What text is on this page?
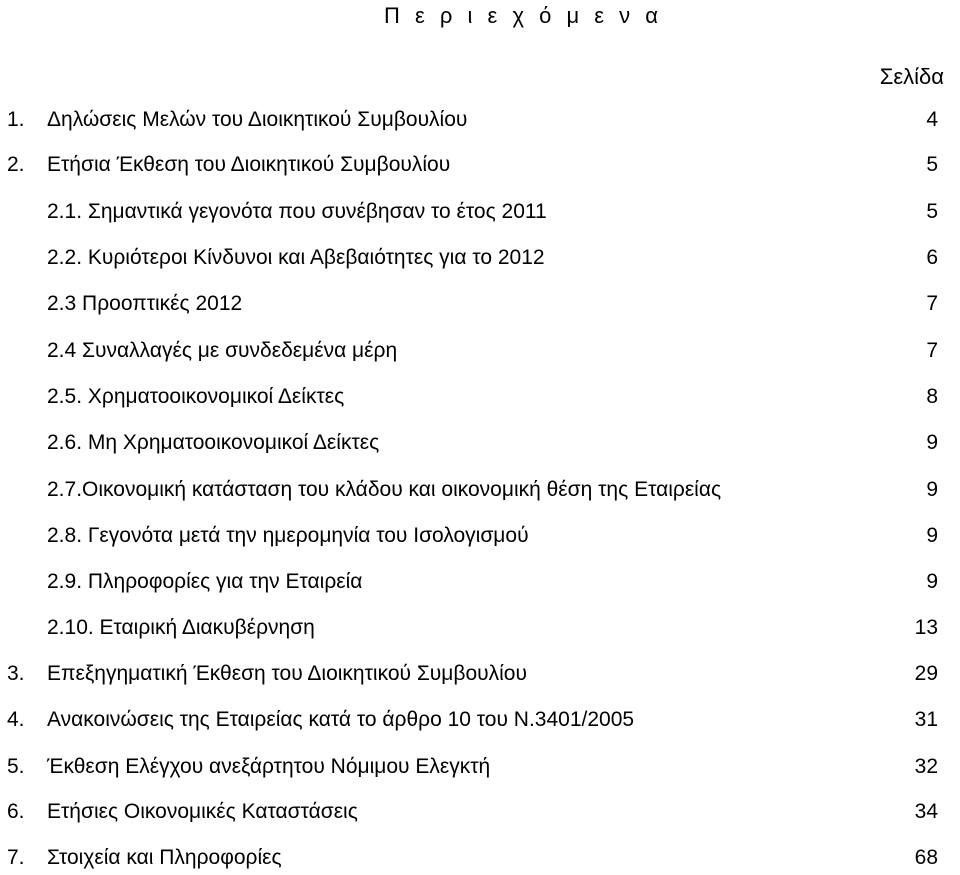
Π ε ρ ι ε χ ό μ ε ν α
Σελίδα
1. Δηλώσεις Μελών του Διοικητικού Συμβουλίου	4
2. Ετήσια Έκθεση του Διοικητικού Συμβουλίου	5
2.1. Σημαντικά γεγονότα που συνέβησαν το έτος 2011	5
2.2. Κυριότεροι Κίνδυνοι και Αβεβαιότητες για το 2012	6
2.3 Προοπτικές 2012	7
2.4 Συναλλαγές με συνδεδεμένα μέρη	7
2.5. Χρηματοοικονομικοί Δείκτες	8
2.6. Μη Χρηματοοικονομικοί Δείκτες	9
2.7.Οικονομική κατάσταση του κλάδου και οικονομική θέση της Εταιρείας	9
2.8. Γεγονότα μετά την ημερομηνία του Ισολογισμού	9
2.9. Πληροφορίες για την Εταιρεία	9
2.10. Εταιρική Διακυβέρνηση	13
3. Επεξηγηματική Έκθεση του Διοικητικού Συμβουλίου	29
4. Ανακοινώσεις της Εταιρείας κατά το άρθρο 10 του Ν.3401/2005	31
5. Έκθεση Ελέγχου ανεξάρτητου Νόμιμου Ελεγκτή	32
6. Ετήσιες Οικονομικές Καταστάσεις	34
7. Στοιχεία και Πληροφορίες	68
